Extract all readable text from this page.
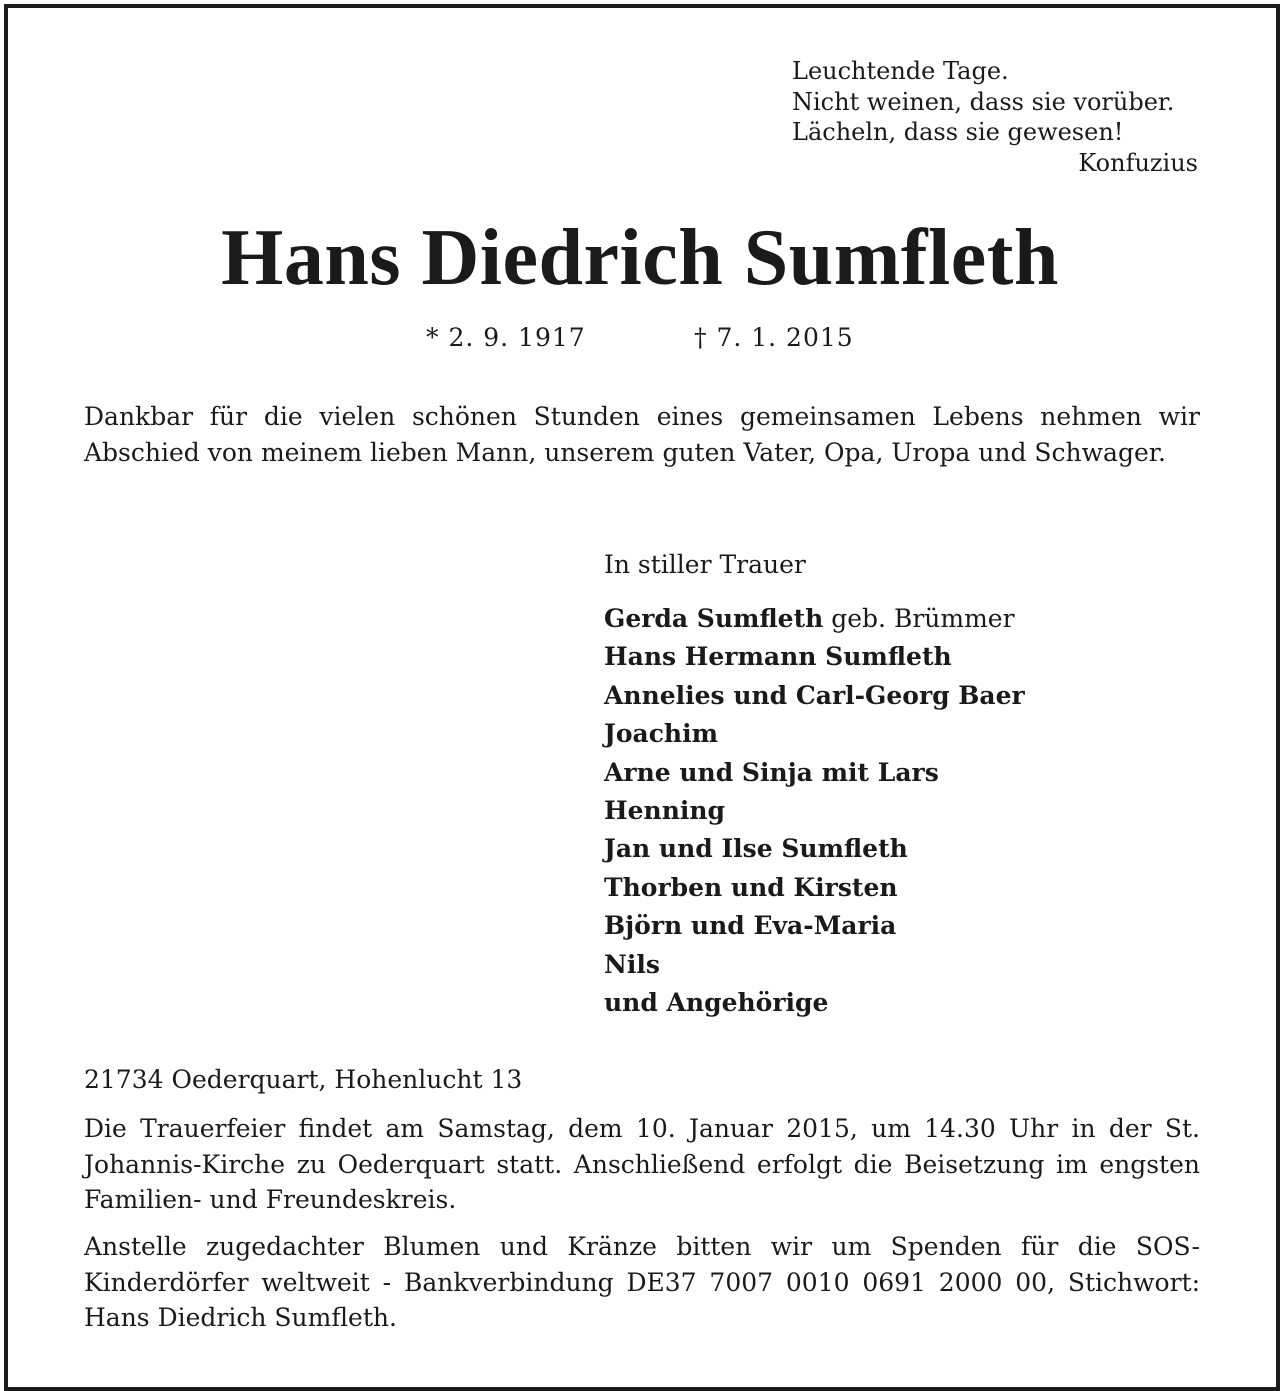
Leuchtende Tage.
Nicht weinen, dass sie vorüber.
Lächeln, dass sie gewesen!
Konfuzius
Hans Diedrich Sumfleth
* 2. 9. 1917	† 7. 1. 2015

Dankbar für die vielen schönen Stunden eines gemeinsamen Lebens nehmen wir Abschied von meinem lieben Mann, unserem guten Vater, Opa, Uropa und Schwager.

In stiller Trauer
Gerda Sumfleth geb. Brümmer
Hans Hermann Sumfleth
Annelies und Carl-Georg Baer
Joachim
Arne und Sinja mit Lars
Henning
Jan und Ilse Sumfleth
Thorben und Kirsten
Björn und Eva-Maria
Nils
und Angehörige
21734 Oederquart, Hohenlucht 13

Die Trauerfeier findet am Samstag, dem 10. Januar 2015, um 14.30 Uhr in der St. Johannis-Kirche zu Oederquart statt. Anschließend erfolgt die Beisetzung im engsten Familien- und Freundeskreis.

Anstelle zugedachter Blumen und Kränze bitten wir um Spenden für die SOS-Kinderdörfer weltweit - Bankverbindung DE37 7007 0010 0691 2000 00, Stichwort: Hans Diedrich Sumfleth.
